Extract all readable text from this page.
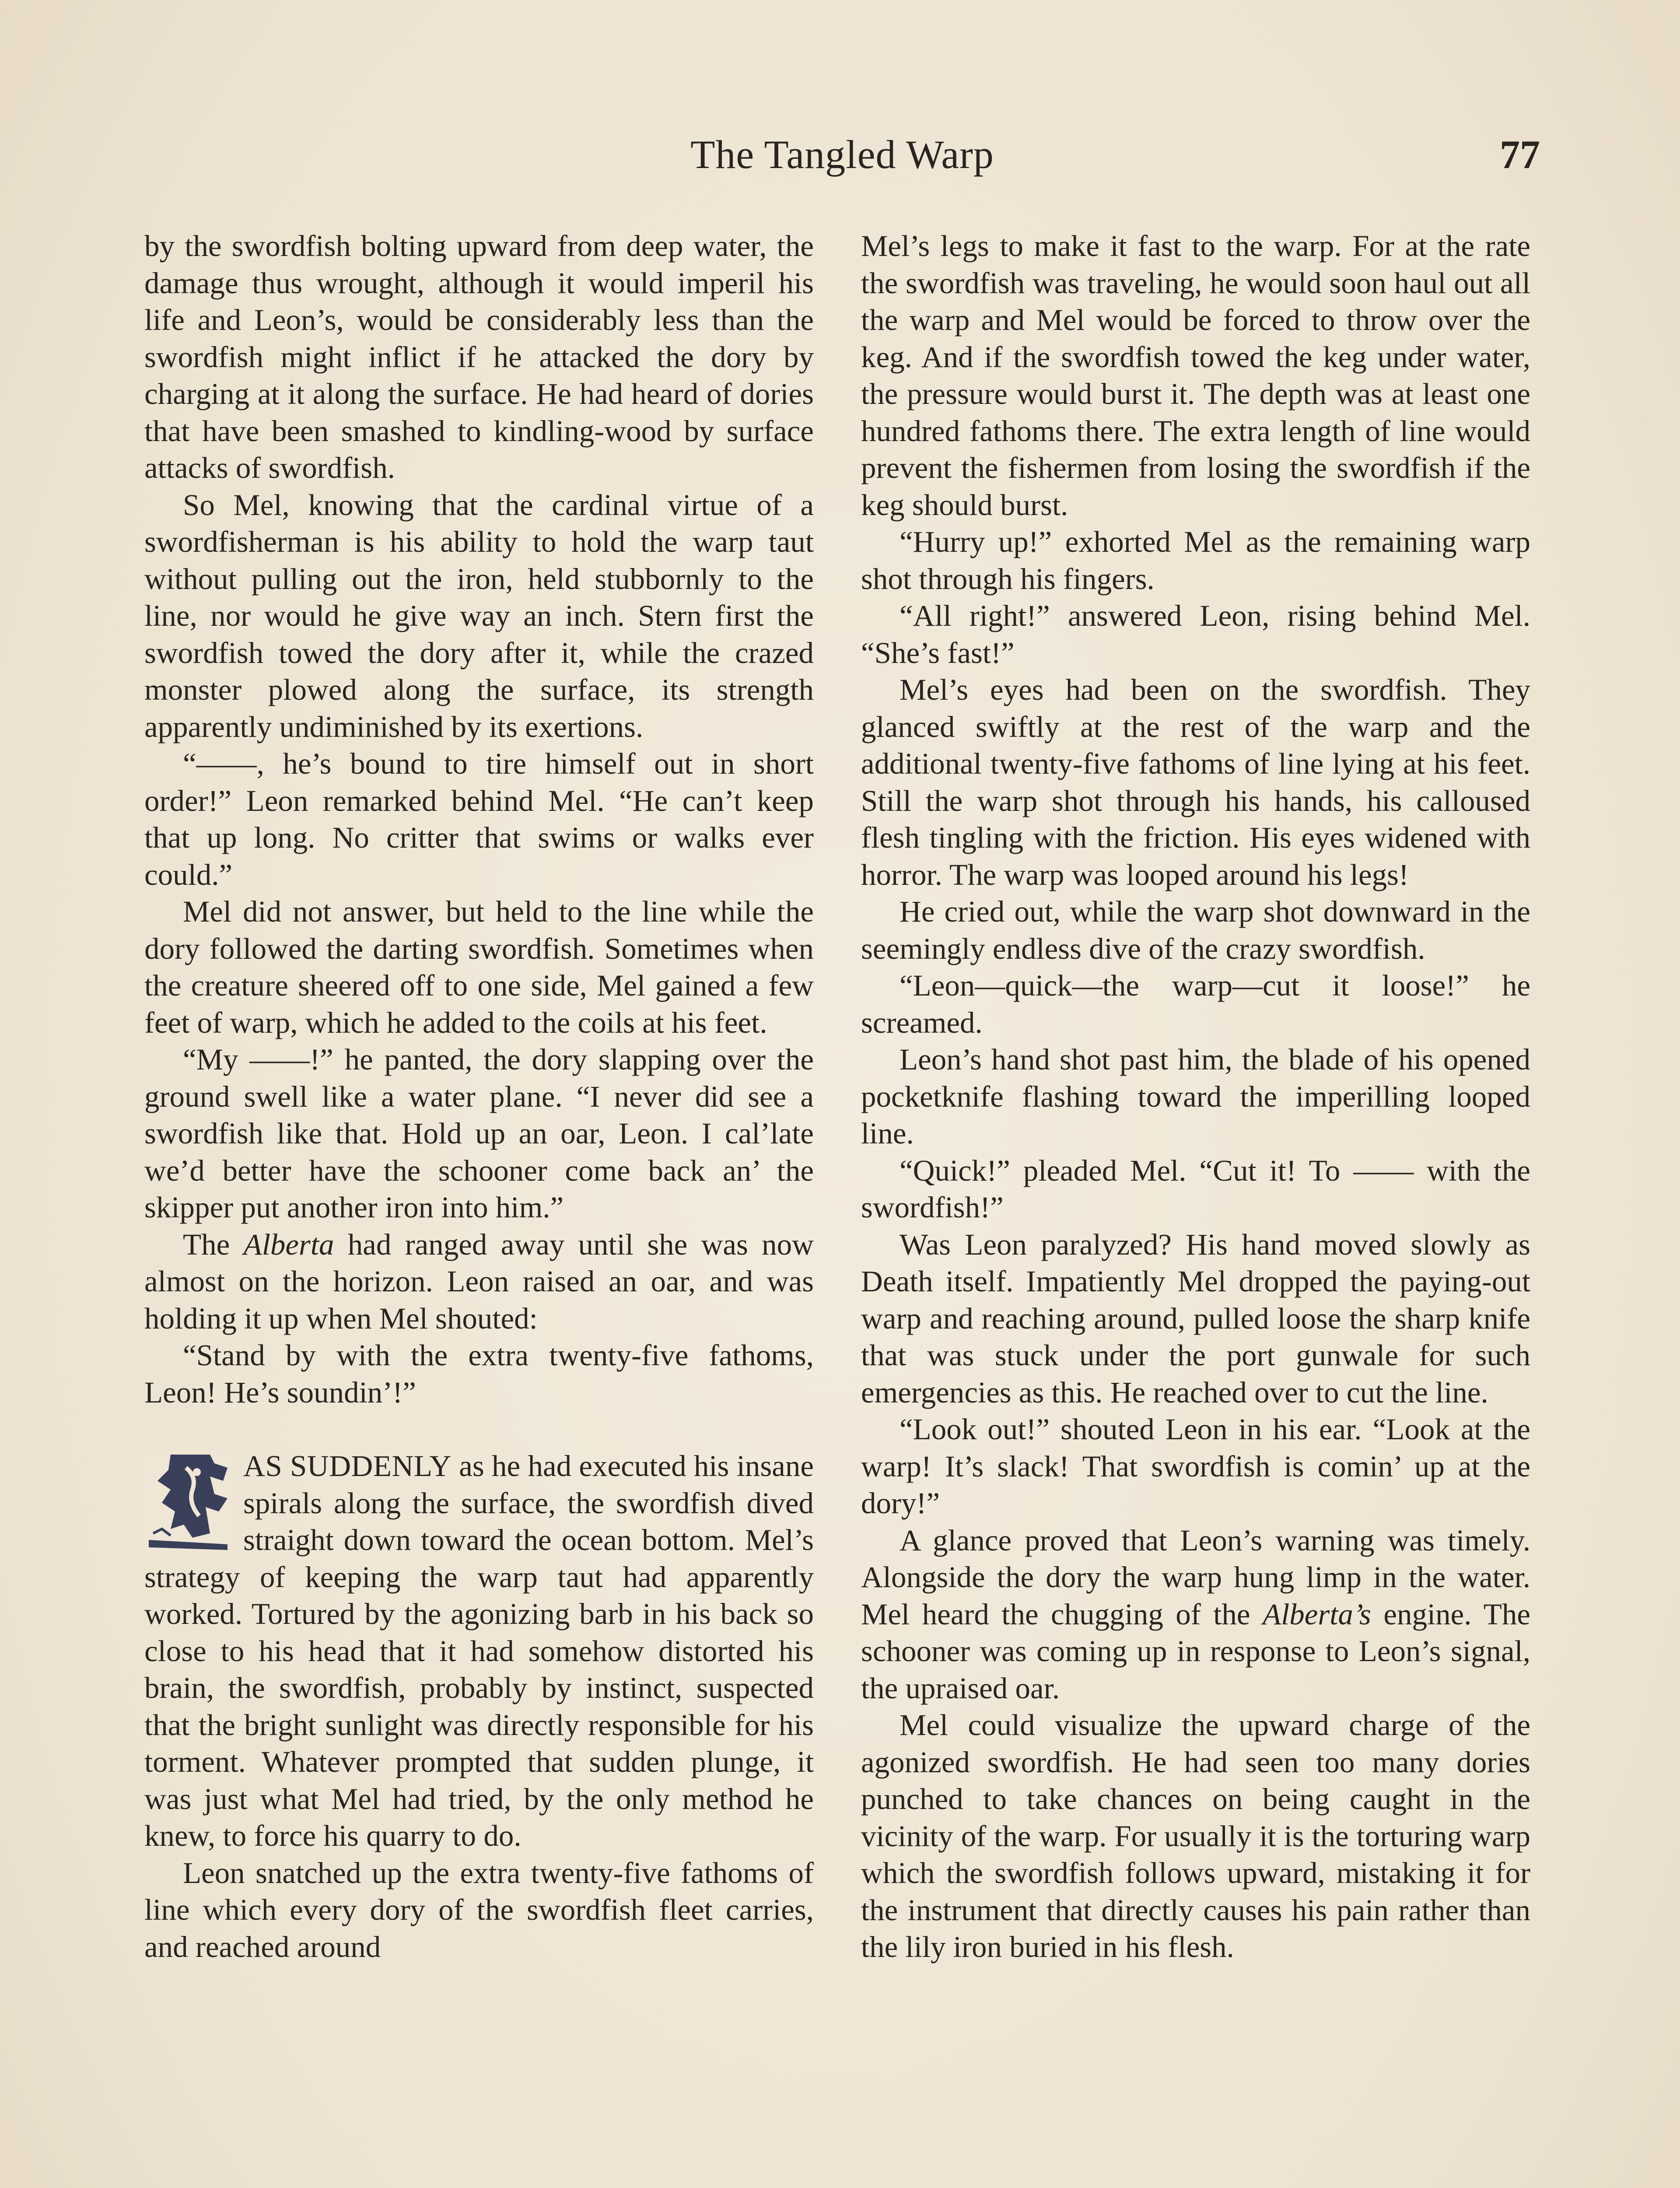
The Tangled Warp	77

by the swordfish bolting upward from deep water, the damage thus wrought, although it would imperil his life and Leon’s, would be considerably less than the swordfish might inflict if he attacked the dory by charging at it along the surface. He had heard of dories that have been smashed to kindling-wood by surface attacks of swordfish.

So Mel, knowing that the cardinal virtue of a swordfisherman is his ability to hold the warp taut without pulling out the iron, held stubbornly to the line, nor would he give way an inch. Stern first the swordfish towed the dory after it, while the crazed monster plowed along the surface, its strength apparently undiminished by its exertions.

“——, he’s bound to tire himself out in short order!” Leon remarked behind Mel. “He can’t keep that up long. No critter that swims or walks ever could.”

Mel did not answer, but held to the line while the dory followed the darting swordfish. Sometimes when the creature sheered off to one side, Mel gained a few feet of warp, which he added to the coils at his feet.

“My ——!” he panted, the dory slapping over the ground swell like a water plane. “I never did see a swordfish like that. Hold up an oar, Leon. I cal’late we’d better have the schooner come back an’ the skipper put another iron into him.”

The Alberta had ranged away until she was now almost on the horizon. Leon raised an oar, and was holding it up when Mel shouted:

“Stand by with the extra twenty-five fathoms, Leon! He’s soundin’!”

AS SUDDENLY as he had executed his insane spirals along the surface, the swordfish dived straight down toward the ocean bottom. Mel’s strategy of keeping the warp taut had apparently worked. Tortured by the agonizing barb in his back so close to his head that it had somehow distorted his brain, the swordfish, probably by instinct, suspected that the bright sunlight was directly responsible for his torment. Whatever prompted that sudden plunge, it was just what Mel had tried, by the only method he knew, to force his quarry to do.

Leon snatched up the extra twenty-five fathoms of line which every dory of the swordfish fleet carries, and reached around

Mel’s legs to make it fast to the warp. For at the rate the swordfish was traveling, he would soon haul out all the warp and Mel would be forced to throw over the keg. And if the swordfish towed the keg under water, the pressure would burst it. The depth was at least one hundred fathoms there. The extra length of line would prevent the fishermen from losing the swordfish if the keg should burst.

“Hurry up!” exhorted Mel as the remaining warp shot through his fingers.

“All right!” answered Leon, rising behind Mel. “She’s fast!”

Mel’s eyes had been on the swordfish. They glanced swiftly at the rest of the warp and the additional twenty-five fathoms of line lying at his feet. Still the warp shot through his hands, his calloused flesh tingling with the friction. His eyes widened with horror. The warp was looped around his legs!

He cried out, while the warp shot downward in the seemingly endless dive of the crazy swordfish.

“Leon—quick—the warp—cut it loose!” he screamed.

Leon’s hand shot past him, the blade of his opened pocketknife flashing toward the imperilling looped line.

“Quick!” pleaded Mel. “Cut it! To —— with the swordfish!”

Was Leon paralyzed? His hand moved slowly as Death itself. Impatiently Mel dropped the paying-out warp and reaching around, pulled loose the sharp knife that was stuck under the port gunwale for such emergencies as this. He reached over to cut the line.

“Look out!” shouted Leon in his ear. “Look at the warp! It’s slack! That swordfish is comin’ up at the dory!”

A glance proved that Leon’s warning was timely. Alongside the dory the warp hung limp in the water. Mel heard the chugging of the Alberta’s engine. The schooner was coming up in response to Leon’s signal, the upraised oar.

Mel could visualize the upward charge of the agonized swordfish. He had seen too many dories punched to take chances on being caught in the vicinity of the warp. For usually it is the torturing warp which the swordfish follows upward, mistaking it for the instrument that directly causes his pain rather than the lily iron buried in his flesh.
